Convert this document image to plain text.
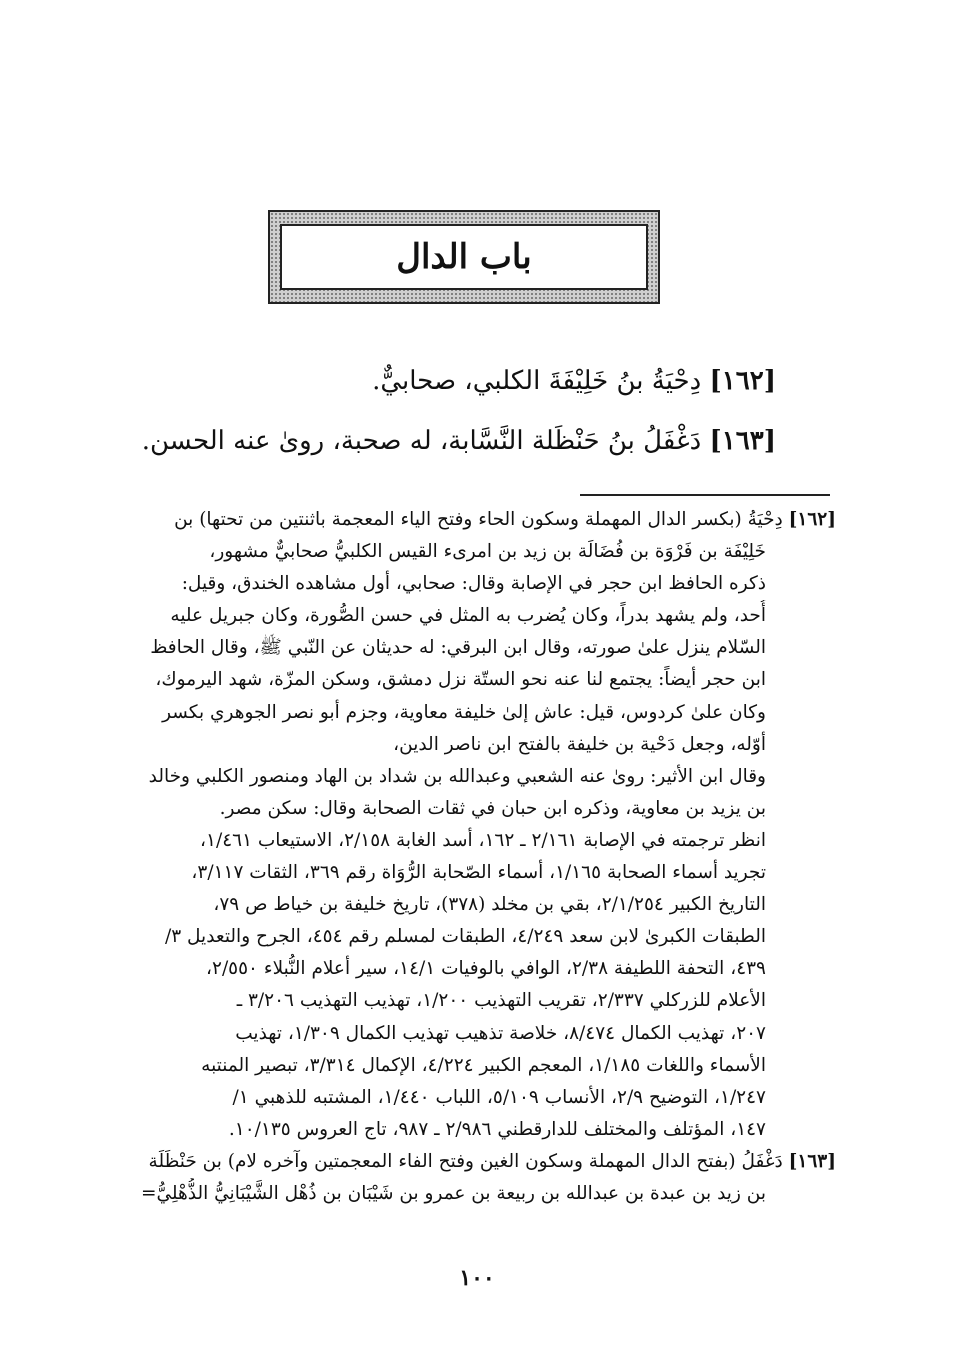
باب الدال
[١٦٢] دِحْيَةُ بنُ خَلِيْفَةَ الكلبي، صحابيٌّ.
[١٦٣] دَغْفَلُ بنُ حَنْظَلة النَّسَّابة، له صحبة، روىٰ عنه الحسن.
[١٦٢] دِحْيَةُ (بكسر الدال المهملة وسكون الحاء وفتح الياء المعجمة باثنتين من تحتها) بن
خَلِيْفَة بن فَرْوَة بن فُضَالَة بن زيد بن امرىء القيس الكلبيُّ صحابيٌّ مشهور،
ذكره الحافظ ابن حجر في الإصابة وقال: صحابي، أول مشاهده الخندق، وقيل:
أُحد، ولم يشهد بدراً، وكان يُضرب به المثل في حسن الصُّورة، وكان جبريل عليه
السّلام ينزل علىٰ صورته، وقال ابن البرقي: له حديثان عن النّبي ﷺ، وقال الحافظ
ابن حجر أيضاً: يجتمع لنا عنه نحو الستّة نزل دمشق، وسكن المزّة، شهد اليرموك،
وكان علىٰ كردوس، قيل: عاش إلىٰ خليفة معاوية، وجزم أبو نصر الجوهري بكسر
أوّله، وجعل دَحْية بن خليفة بالفتح ابن ناصر الدين،
وقال ابن الأثير: روىٰ عنه الشعبي وعبدالله بن شداد بن الهاد ومنصور الكلبي وخالد
بن يزيد بن معاوية، وذكره ابن حبان في ثقات الصحابة وقال: سكن مصر.
انظر ترجمته في الإصابة ٢/١٦١ ـ ١٦٢، أسد الغابة ٢/١٥٨، الاستيعاب ١/٤٦١،
تجريد أسماء الصحابة ١/١٦٥، أسماء الصّحابة الرُّوَاة رقم ٣٦٩، الثقات ٣/١١٧،
التاريخ الكبير ٢/١/٢٥٤، بقي بن مخلد (٣٧٨)، تاريخ خليفة بن خياط ص ٧٩،
الطبقات الكبرىٰ لابن سعد ٤/٢٤٩، الطبقات لمسلم رقم ٤٥٤، الجرح والتعديل ٣/
٤٣٩، التحفة اللطيفة ٢/٣٨، الوافي بالوفيات ١٤/١، سير أعلام النُّبلاء ٢/٥٥٠،
الأعلام للزركلي ٢/٣٣٧، تقريب التهذيب ١/٢٠٠، تهذيب التهذيب ٣/٢٠٦ ـ
٢٠٧، تهذيب الكمال ٨/٤٧٤، خلاصة تذهيب تهذيب الكمال ١/٣٠٩، تهذيب
الأسماء واللغات ١/١٨٥، المعجم الكبير ٤/٢٢٤، الإكمال ٣/٣١٤، تبصير المنتبه
١/٢٤٧، التوضيح ٢/٩، الأنساب ٥/١٠٩، اللباب ١/٤٤٠، المشتبه للذهبي ١/
١٤٧، المؤتلف والمختلف للدارقطني ٢/٩٨٦ ـ ٩٨٧، تاج العروس ١٠/١٣٥.
[١٦٣] دَغْفَلُ (بفتح الدال المهملة وسكون الغين وفتح الفاء المعجمتين وآخره لام) بن حَنْظَلَة
بن زيد بن عبدة بن عبدالله بن ربيعة بن عمرو بن شَيْبَان بن ذُهْل الشَّيْبَانِيُّ الذُّهْلِيُّ=
١٠٠
